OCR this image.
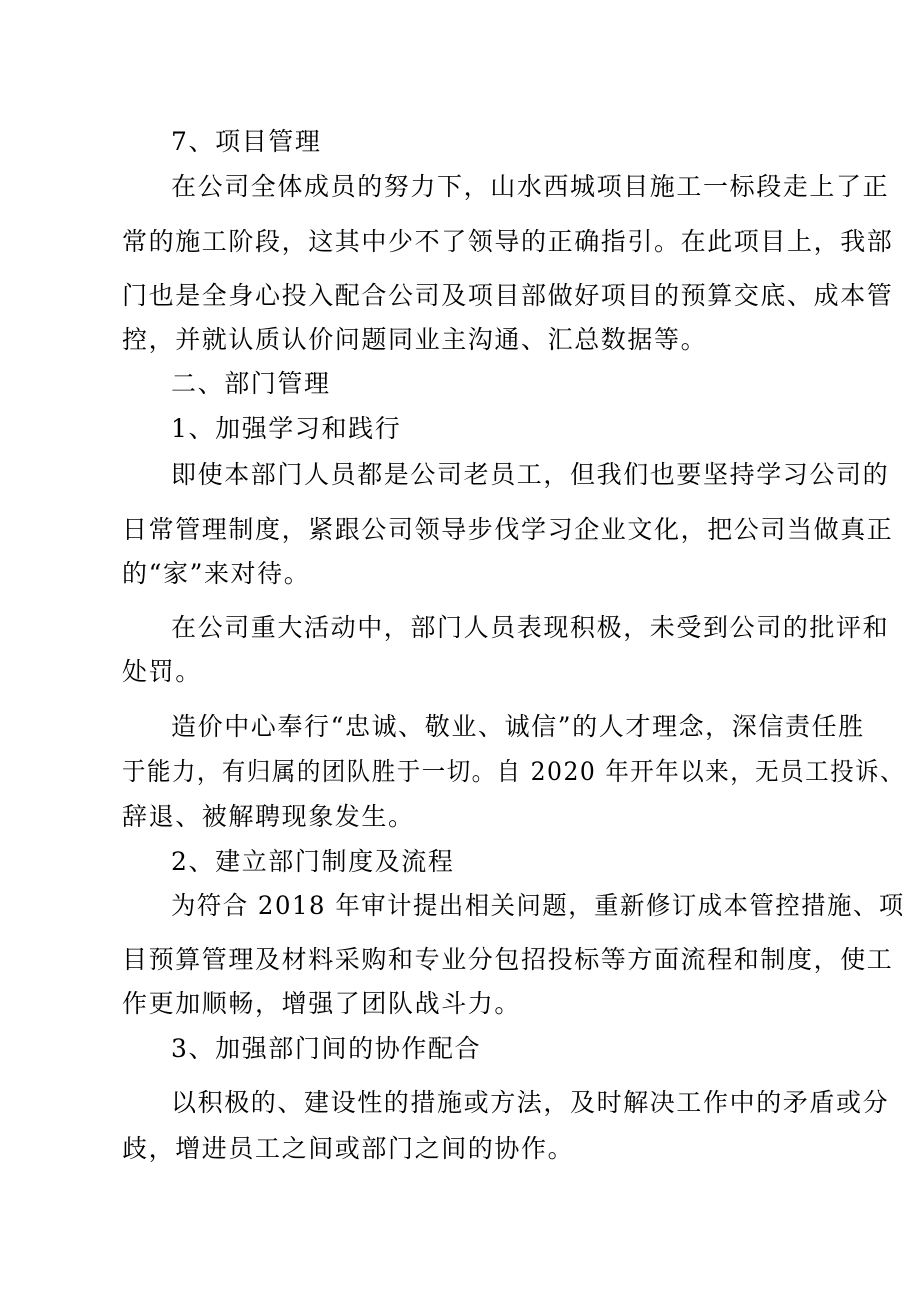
7、项目管理
在公司全体成员的努力下，山水西城项目施工一标段走上了正
常的施工阶段，这其中少不了领导的正确指引。在此项目上，我部
门也是全身心投入配合公司及项目部做好项目的预算交底、成本管
控，并就认质认价问题同业主沟通、汇总数据等。
二、部门管理
1、加强学习和践行
即使本部门人员都是公司老员工，但我们也要坚持学习公司的
日常管理制度，紧跟公司领导步伐学习企业文化，把公司当做真正
的“家”来对待。
在公司重大活动中，部门人员表现积极，未受到公司的批评和
处罚。
造价中心奉行“忠诚、敬业、诚信”的人才理念，深信责任胜
于能力，有归属的团队胜于一切。自 2020 年开年以来，无员工投诉、
辞退、被解聘现象发生。
2、建立部门制度及流程
为符合 2018 年审计提出相关问题，重新修订成本管控措施、项
目预算管理及材料采购和专业分包招投标等方面流程和制度，使工
作更加顺畅，增强了团队战斗力。
3、加强部门间的协作配合
以积极的、建设性的措施或方法，及时解决工作中的矛盾或分
歧，增进员工之间或部门之间的协作。
